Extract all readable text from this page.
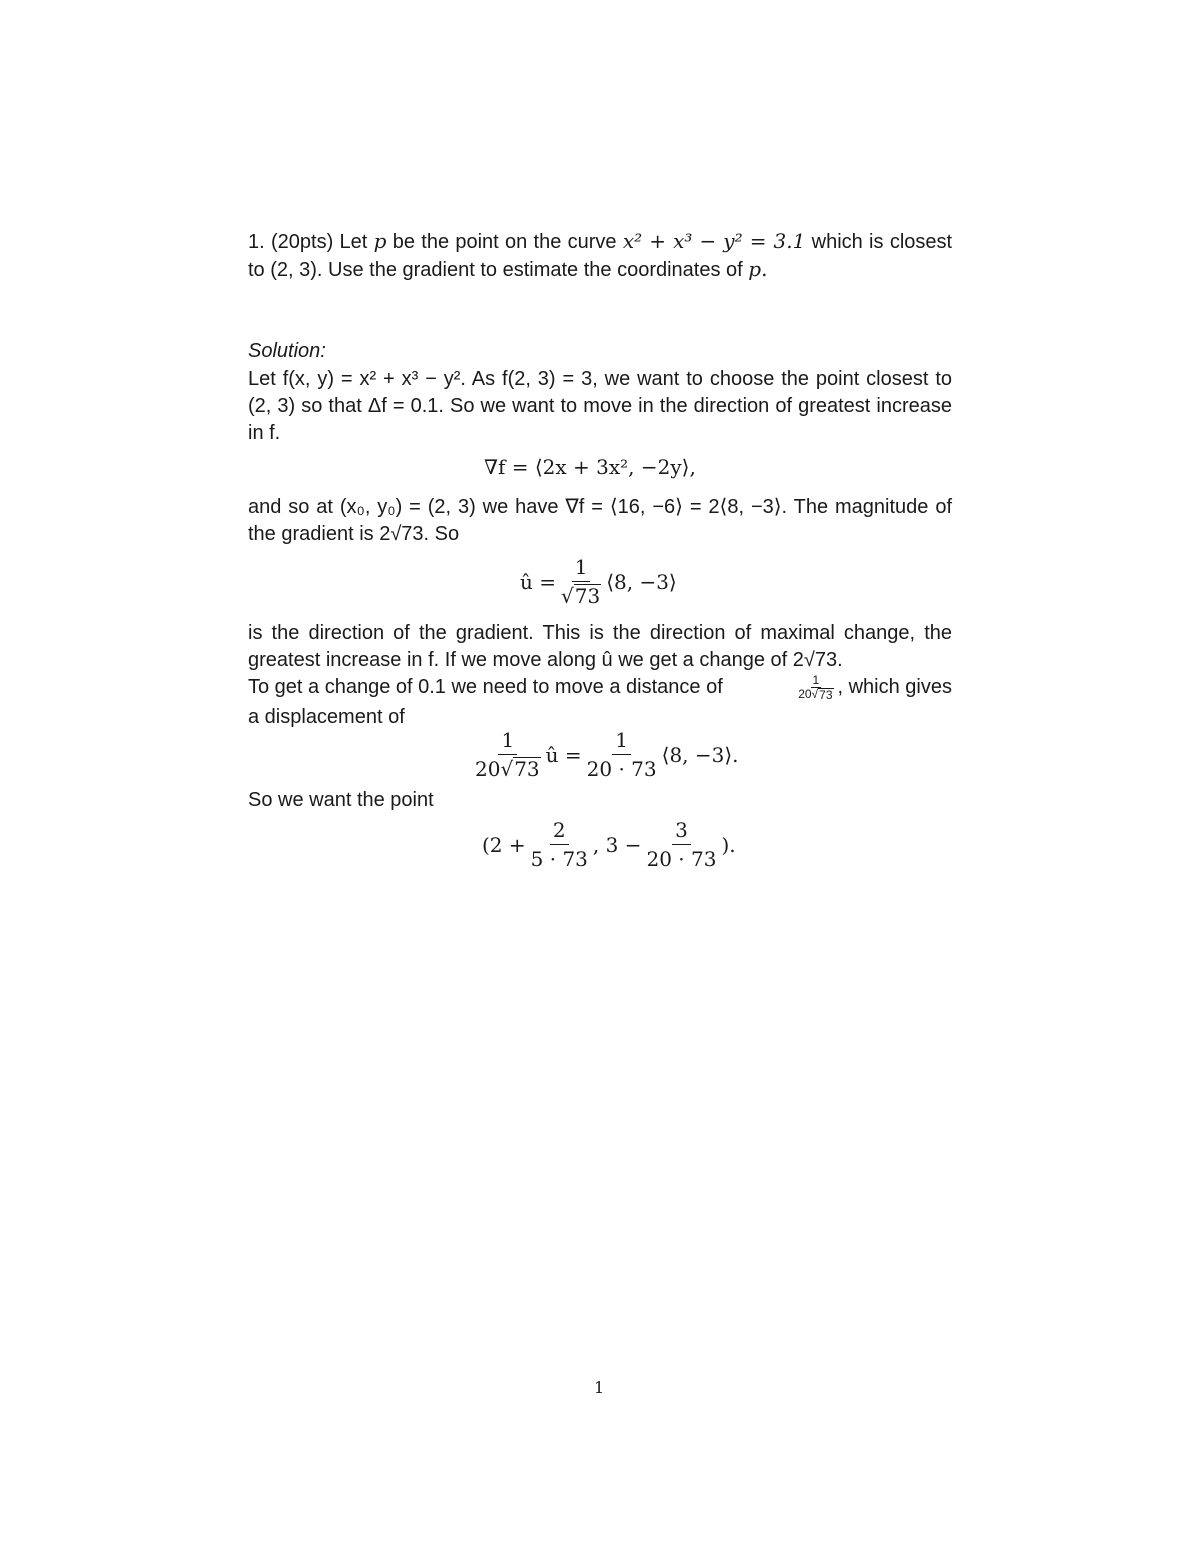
1. (20pts) Let p be the point on the curve x² + x³ − y² = 3.1 which is closest to (2, 3). Use the gradient to estimate the coordinates of p.
Solution:
Let f(x, y) = x² + x³ − y². As f(2, 3) = 3, we want to choose the point closest to (2, 3) so that Δf = 0.1. So we want to move in the direction of greatest increase in f.
∇f = ⟨2x + 3x², −2y⟩,
and so at (x₀, y₀) = (2, 3) we have ∇f = ⟨16, −6⟩ = 2⟨8, −3⟩. The magnitude of the gradient is 2√73. So
û = $\frac{1}{√ 73}$ ⟨8, −3⟩
is the direction of the gradient. This is the direction of maximal change, the greatest increase in f. If we move along û we get a change of 2√73.
To get a change of 0.1 we need to move a distance of	$\frac{1}{20 √ 73}$ , which gives
a displacement of
$\frac{1}{20 √ 73}$ û = $\frac{1}{20 \cdot 73}$ ⟨8, −3⟩.
So we want the point
($2 + \frac{2}{5 \cdot 73}$ , $3 - \frac{3}{20 \cdot 73}$ ).
1
